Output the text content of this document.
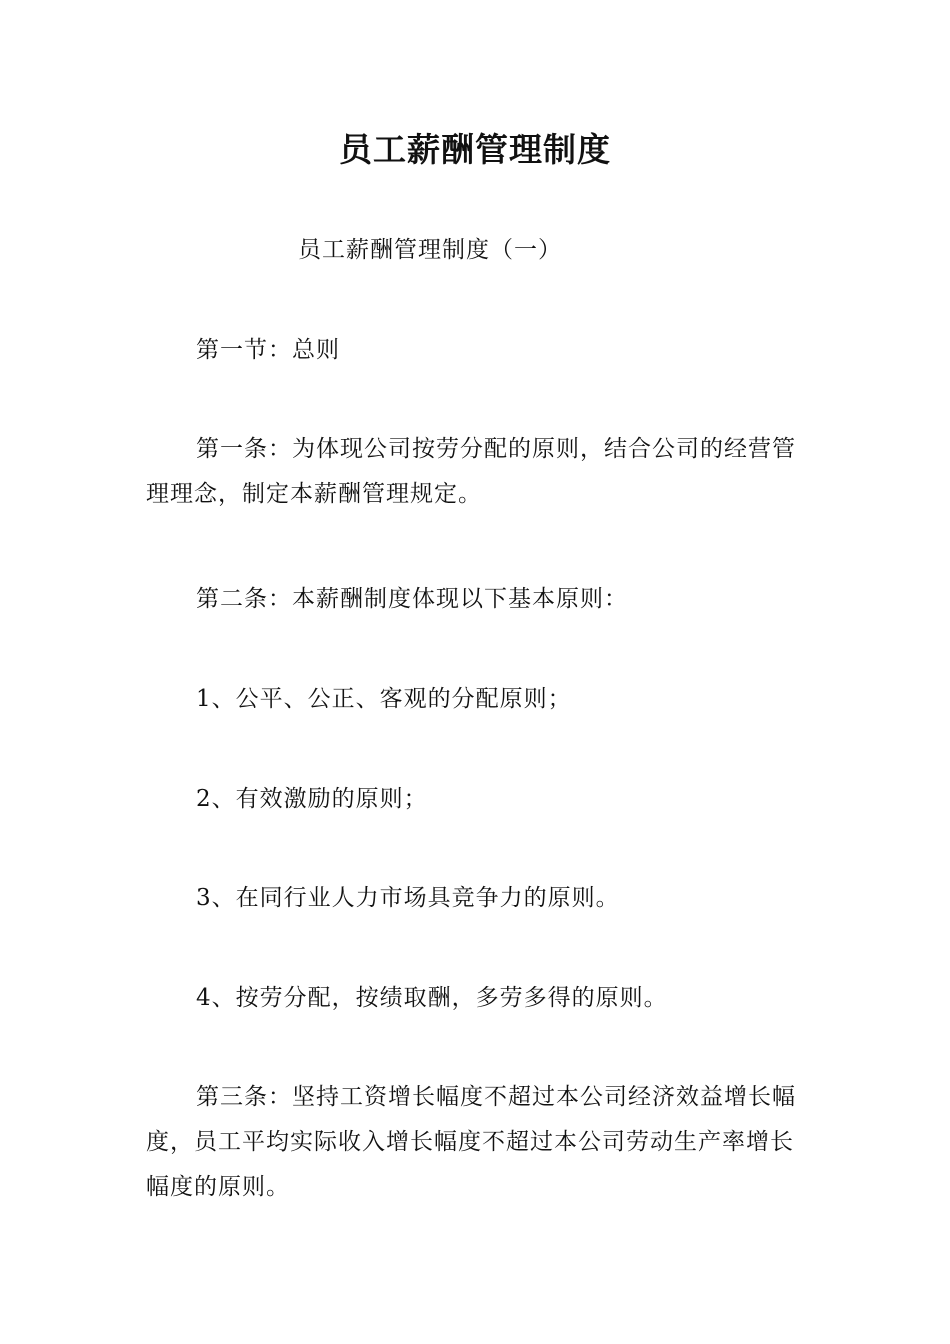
员工薪酬管理制度

员工薪酬管理制度（一）

第一节：总则

第一条：为体现公司按劳分配的原则，结合公司的经营管理理念，制定本薪酬管理规定。

第二条：本薪酬制度体现以下基本原则：

1、公平、公正、客观的分配原则；

2、有效激励的原则；

3、在同行业人力市场具竞争力的原则。

4、按劳分配，按绩取酬，多劳多得的原则。

第三条：坚持工资增长幅度不超过本公司经济效益增长幅度，员工平均实际收入增长幅度不超过本公司劳动生产率增长幅度的原则。
